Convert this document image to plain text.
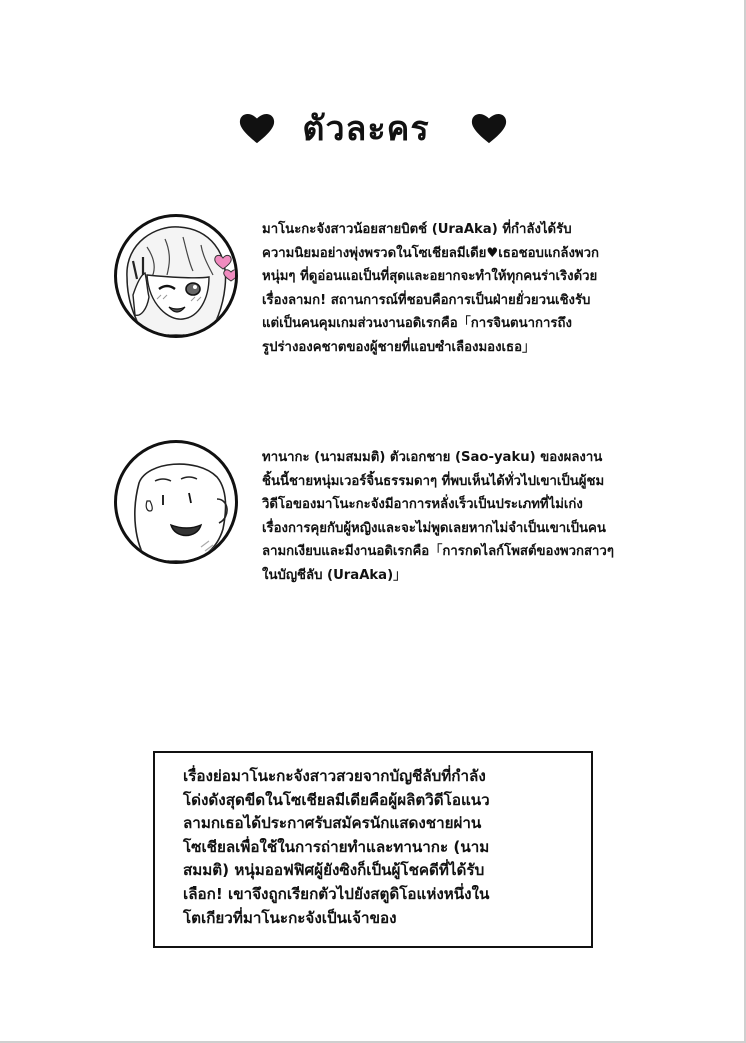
ตัวละคร
มาโนะกะจังสาวน้อยสายบิตช์ (UraAka) ที่กำลังได้รับ
ความนิยมอย่างพุ่งพรวดในโซเชียลมีเดีย♥เธอชอบแกล้งพวก
หนุ่มๆ ที่ดูอ่อนแอเป็นที่สุดและอยากจะทำให้ทุกคนร่าเริงด้วย
เรื่องลามก! สถานการณ์ที่ชอบคือการเป็นฝ่ายยั่วยวนเชิงรับ
แต่เป็นคนคุมเกมส่วนงานอดิเรกคือ「การจินตนาการถึง
รูปร่างองคชาตของผู้ชายที่แอบซำเลืองมองเธอ」
ทานากะ (นามสมมติ) ตัวเอกชาย (Sao-yaku) ของผลงาน
ชิ้นนี้ชายหนุ่มเวอร์จิ้นธรรมดาๆ ที่พบเห็นได้ทั่วไปเขาเป็นผู้ชม
วิดีโอของมาโนะกะจังมีอาการหลั่งเร็วเป็นประเภทที่ไม่เก่ง
เรื่องการคุยกับผู้หญิงและจะไม่พูดเลยหากไม่จำเป็นเขาเป็นคน
ลามกเงียบและมีงานอดิเรกคือ「การกดไลก์โพสต์ของพวกสาวๆ
ในบัญชีลับ (UraAka)」
เรื่องย่อมาโนะกะจังสาวสวยจากบัญชีลับที่กำลัง
โด่งดังสุดขีดในโซเชียลมีเดียคือผู้ผลิตวิดีโอแนว
ลามกเธอได้ประกาศรับสมัครนักแสดงชายผ่าน
โซเชียลเพื่อใช้ในการถ่ายทำและทานากะ (นาม
สมมติ) หนุ่มออฟฟิศผู้ยังซิงก็เป็นผู้โชคดีที่ได้รับ
เลือก! เขาจึงถูกเรียกตัวไปยังสตูดิโอแห่งหนึ่งใน
โตเกียวที่มาโนะกะจังเป็นเจ้าของ
